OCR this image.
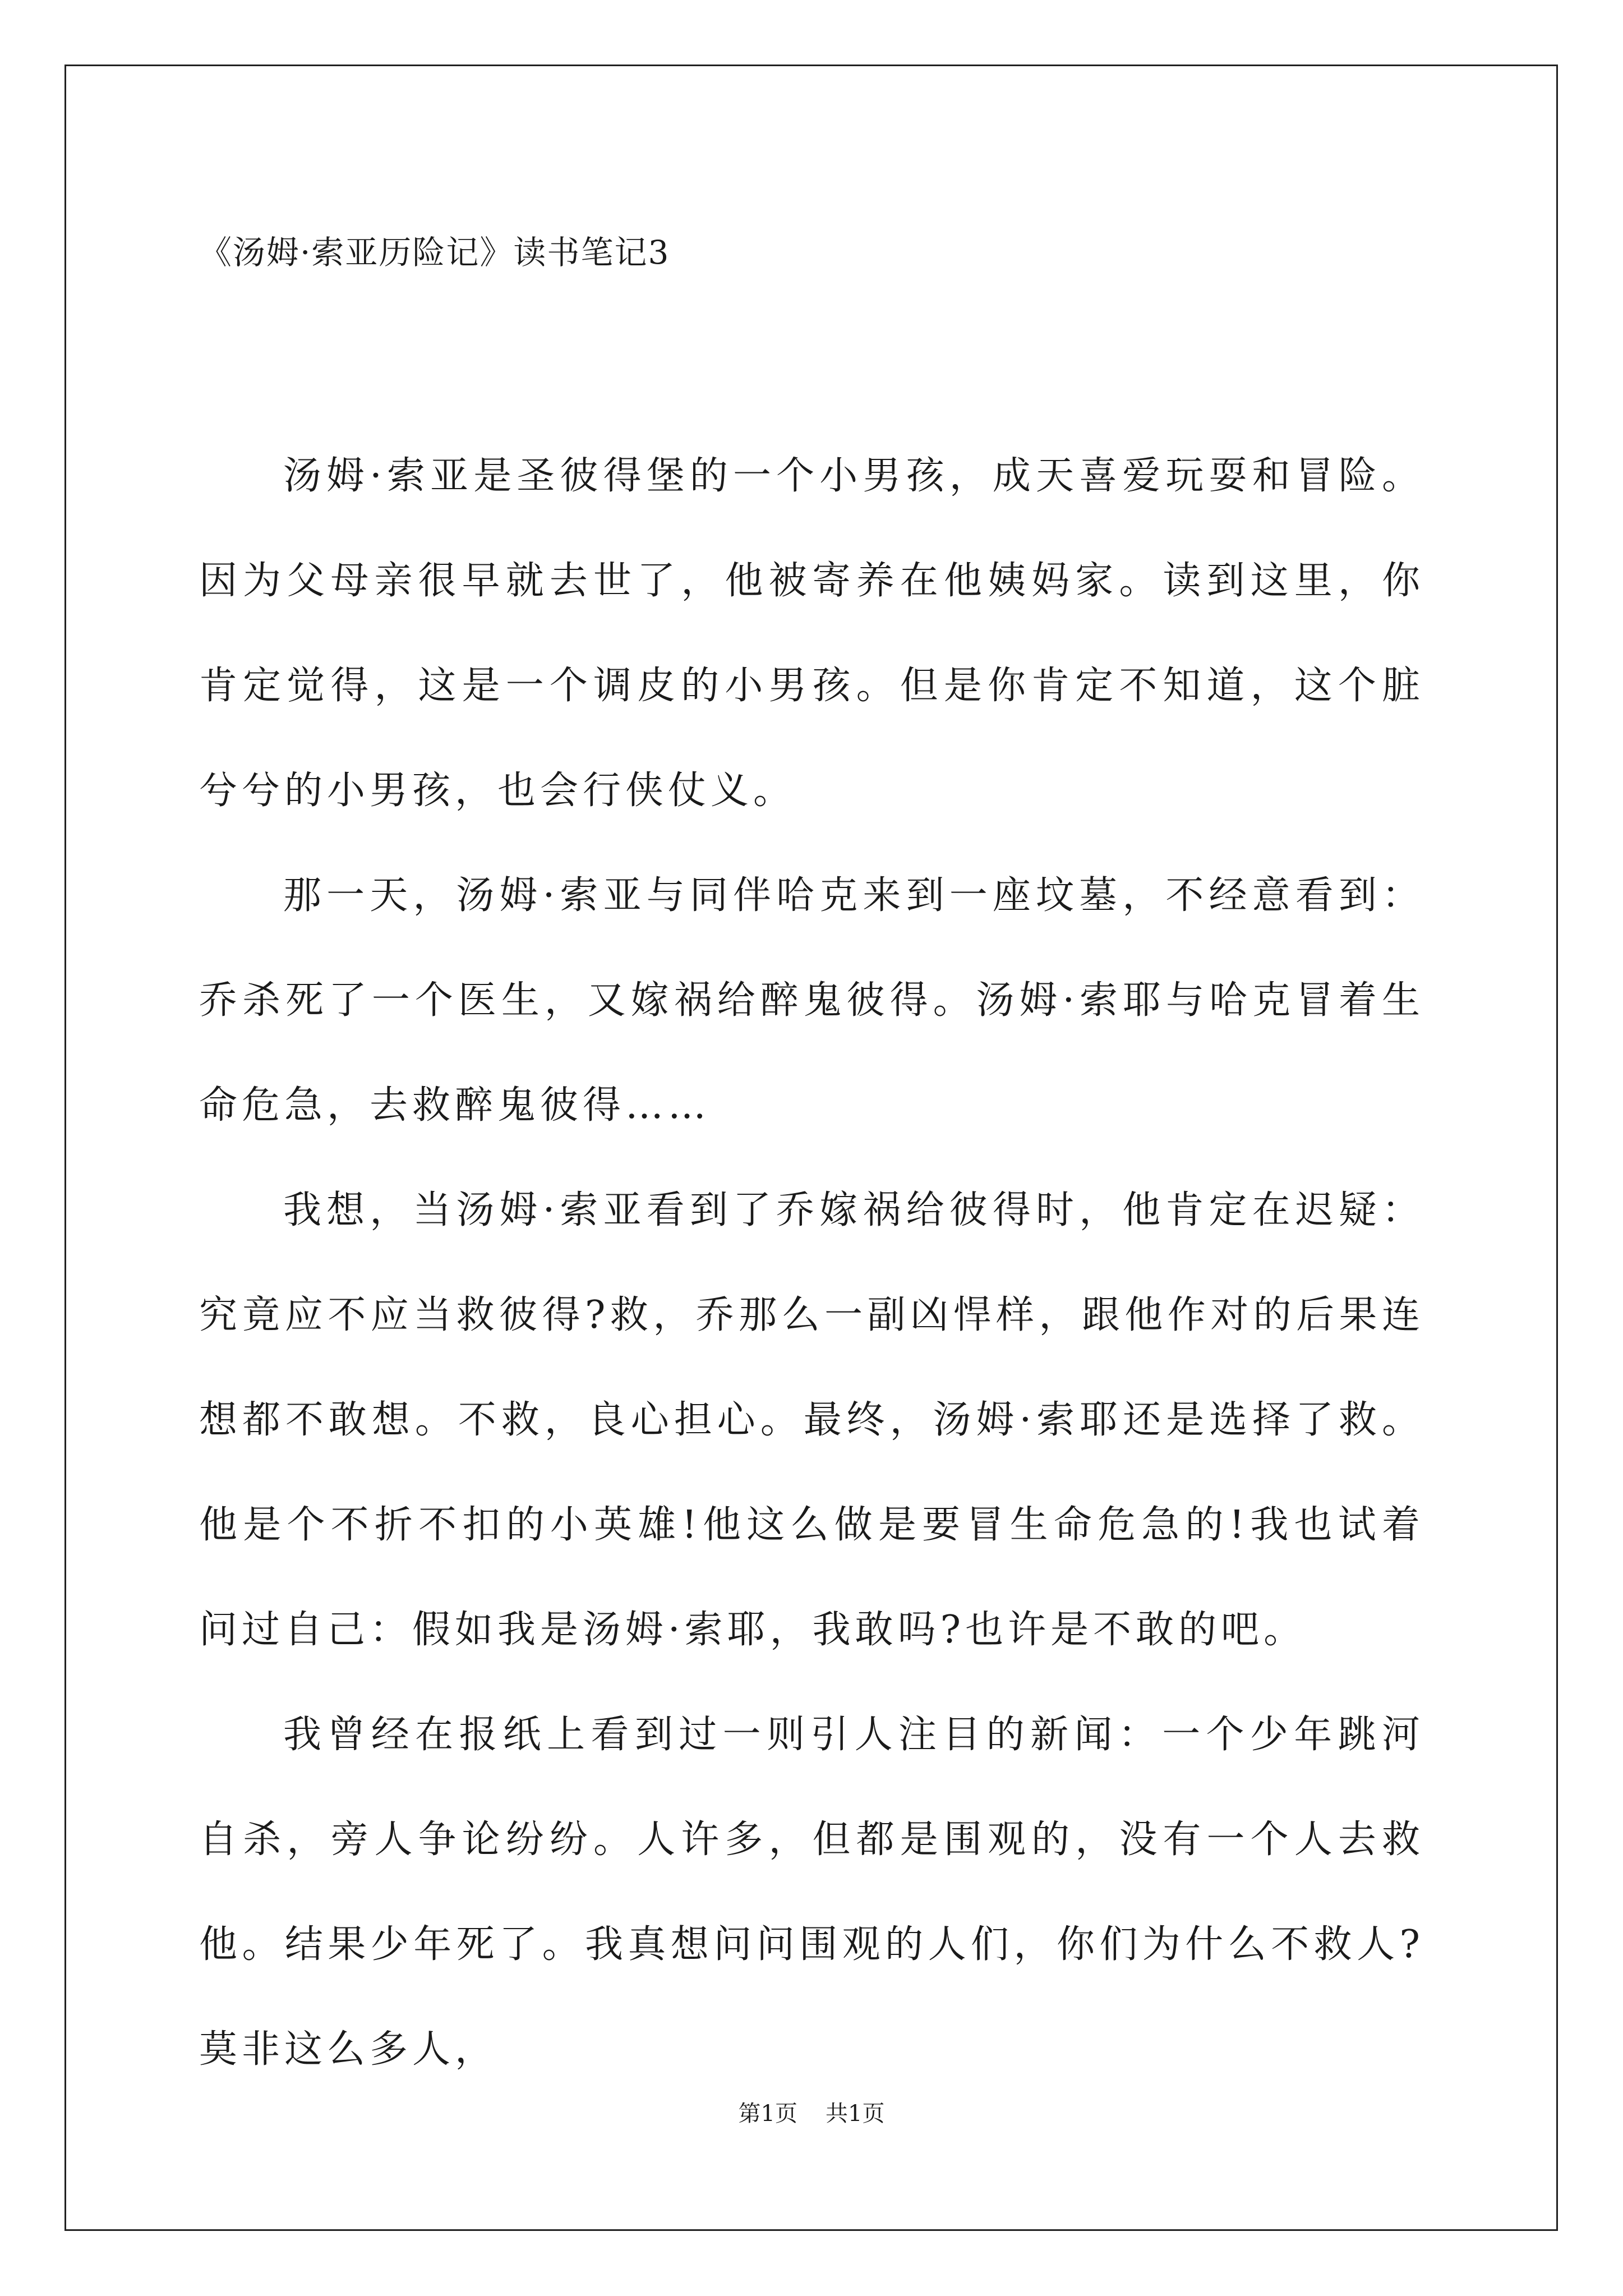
《汤姆·索亚历险记》读书笔记3

汤姆·索亚是圣彼得堡的一个小男孩，成天喜爱玩耍和冒险。因为父母亲很早就去世了，他被寄养在他姨妈家。读到这里，你肯定觉得，这是一个调皮的小男孩。但是你肯定不知道，这个脏兮兮的小男孩，也会行侠仗义。

那一天，汤姆·索亚与同伴哈克来到一座坟墓，不经意看到：乔杀死了一个医生，又嫁祸给醉鬼彼得。汤姆·索耶与哈克冒着生命危急，去救醉鬼彼得……

我想，当汤姆·索亚看到了乔嫁祸给彼得时，他肯定在迟疑：究竟应不应当救彼得?救，乔那么一副凶悍样，跟他作对的后果连想都不敢想。不救，良心担心。最终，汤姆·索耶还是选择了救。他是个不折不扣的小英雄!他这么做是要冒生命危急的!我也试着问过自己：假如我是汤姆·索耶，我敢吗?也许是不敢的吧。

我曾经在报纸上看到过一则引人注目的新闻：一个少年跳河自杀，旁人争论纷纷。人许多，但都是围观的，没有一个人去救他。结果少年死了。我真想问问围观的人们，你们为什么不救人?莫非这么多人，

第1页 共1页
